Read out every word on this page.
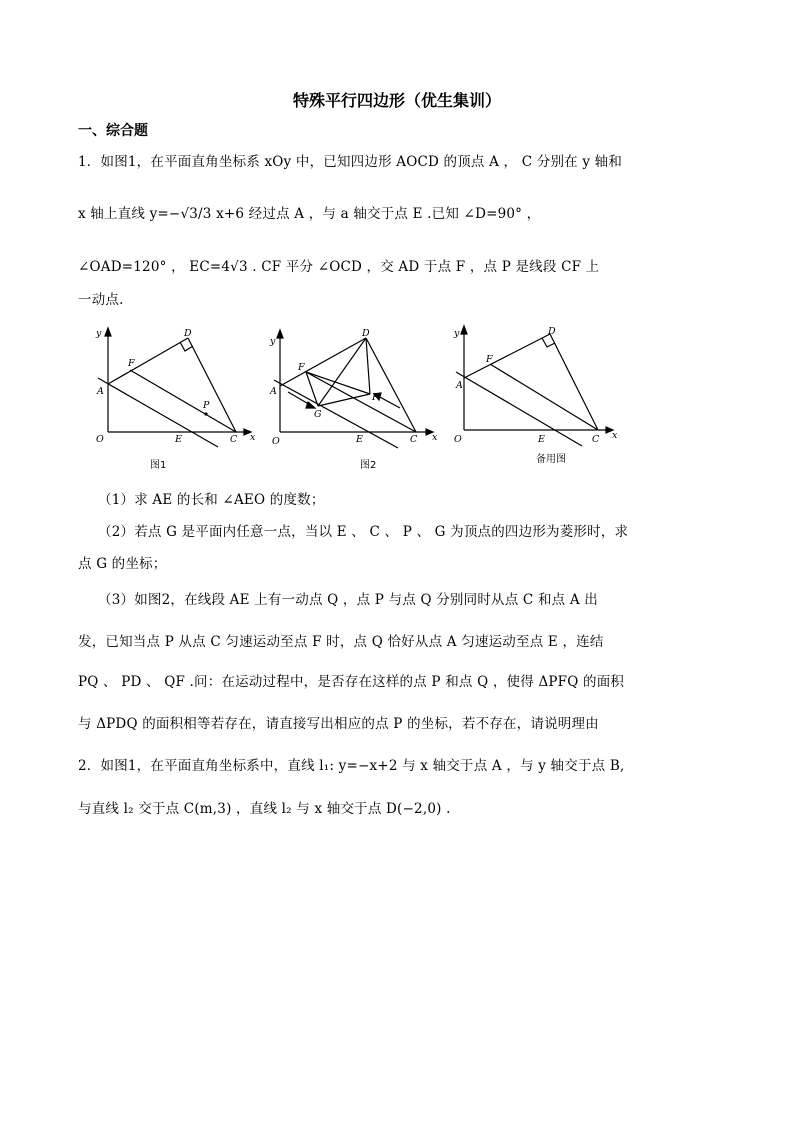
特殊平行四边形（优生集训）
一、综合题
1．如图1，在平面直角坐标系 xOy 中，已知四边形 AOCD 的顶点 A ， C 分别在 y 轴和
x 轴上直线 y=−√3/3 x+6 经过点 A ，与 a 轴交于点 E .已知 ∠D=90° ，
∠OAD=120° ， EC=4√3 . CF 平分 ∠OCD ，交 AD 于点 F ，点 P 是线段 CF 上
一动点.
y
x
O
A
D
F
P
E	C
图1
y
x
O
A
D
F
G
P
E	C
图2
y
x
O
A
D
F
E	C
备用图
（1）求 AE 的长和 ∠AEO 的度数；
（2）若点 G 是平面内任意一点，当以 E 、 C 、 P 、 G 为顶点的四边形为菱形时，求
点 G 的坐标；
（3）如图2，在线段 AE 上有一动点 Q ，点 P 与点 Q 分别同时从点 C 和点 A 出
发，已知当点 P 从点 C 匀速运动至点 F 时，点 Q 恰好从点 A 匀速运动至点 E ，连结
PQ 、 PD 、 QF .问：在运动过程中，是否存在这样的点 P 和点 Q ，使得 ΔPFQ 的面积
与 ΔPDQ 的面积相等若存在，请直接写出相应的点 P 的坐标，若不存在，请说明理由
2．如图1，在平面直角坐标系中，直线 l₁: y=−x+2 与 x 轴交于点 A ，与 y 轴交于点 B,
与直线 l₂ 交于点 C(m,3) ，直线 l₂ 与 x 轴交于点 D(−2,0) .
